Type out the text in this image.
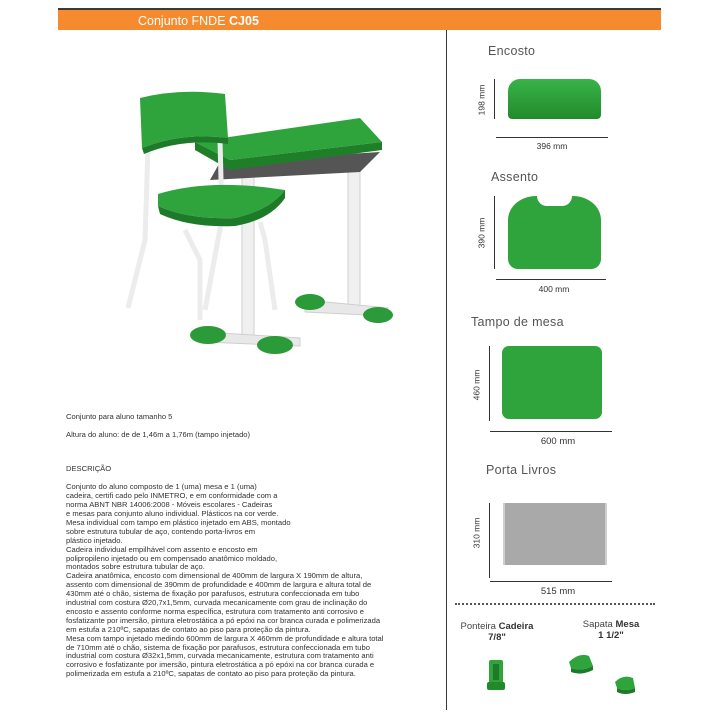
Conjunto FNDE CJ05
Encosto
198 mm
396 mm
Assento
390 mm
400 mm
Tampo de mesa
460 mm
600 mm
Porta Livros
310 mm
515 mm
Ponteira Cadeira
7/8"
Sapata Mesa
1 1/2"

Conjunto para aluno tamanho 5

Altura do aluno: de de 1,46m a 1,76m (tampo injetado)

DESCRIÇÃO

Conjunto do aluno composto de 1 (uma) mesa e 1 (uma)
cadeira, certifi cado pelo INMETRO, e em conformidade com a
norma ABNT NBR 14006:2008 - Móveis escolares - Cadeiras
e mesas para conjunto aluno individual. Plásticos na cor verde.
Mesa individual com tampo em plástico injetado em ABS, montado
sobre estrutura tubular de aço, contendo porta-livros em
plástico injetado.
Cadeira individual empilhável com assento e encosto em
polipropileno injetado ou em compensado anatômico moldado,
montados sobre estrutura tubular de aço.
Cadeira anatômica, encosto com dimensional de 400mm de largura X 190mm de altura,
assento com dimensional de 390mm de profundidade e 400mm de largura e altura total de
430mm até o chão, sistema de fixação por parafusos, estrutura confeccionada em tubo
industrial com costura Ø20,7x1,5mm, curvada mecanicamente com grau de inclinação do
encosto e assento conforme norma específica, estrutura com tratamento anti corrosivo e
fosfatizante por imersão, pintura eletrostática a pó epóxi na cor branca curada e polimerizada
em estufa a 210ºC, sapatas de contato ao piso para proteção da pintura.
Mesa com tampo injetado medindo 600mm de largura X 460mm de profundidade e altura total
de 710mm até o chão, sistema de fixação por parafusos, estrutura confeccionada em tubo
industrial com costura Ø32x1,5mm, curvada mecanicamente, estrutura com tratamento anti
corrosivo e fosfatizante por imersão, pintura eletrostática a pó epóxi na cor branca curada e
polimerizada em estufa a 210ºC, sapatas de contato ao piso para proteção da pintura.
